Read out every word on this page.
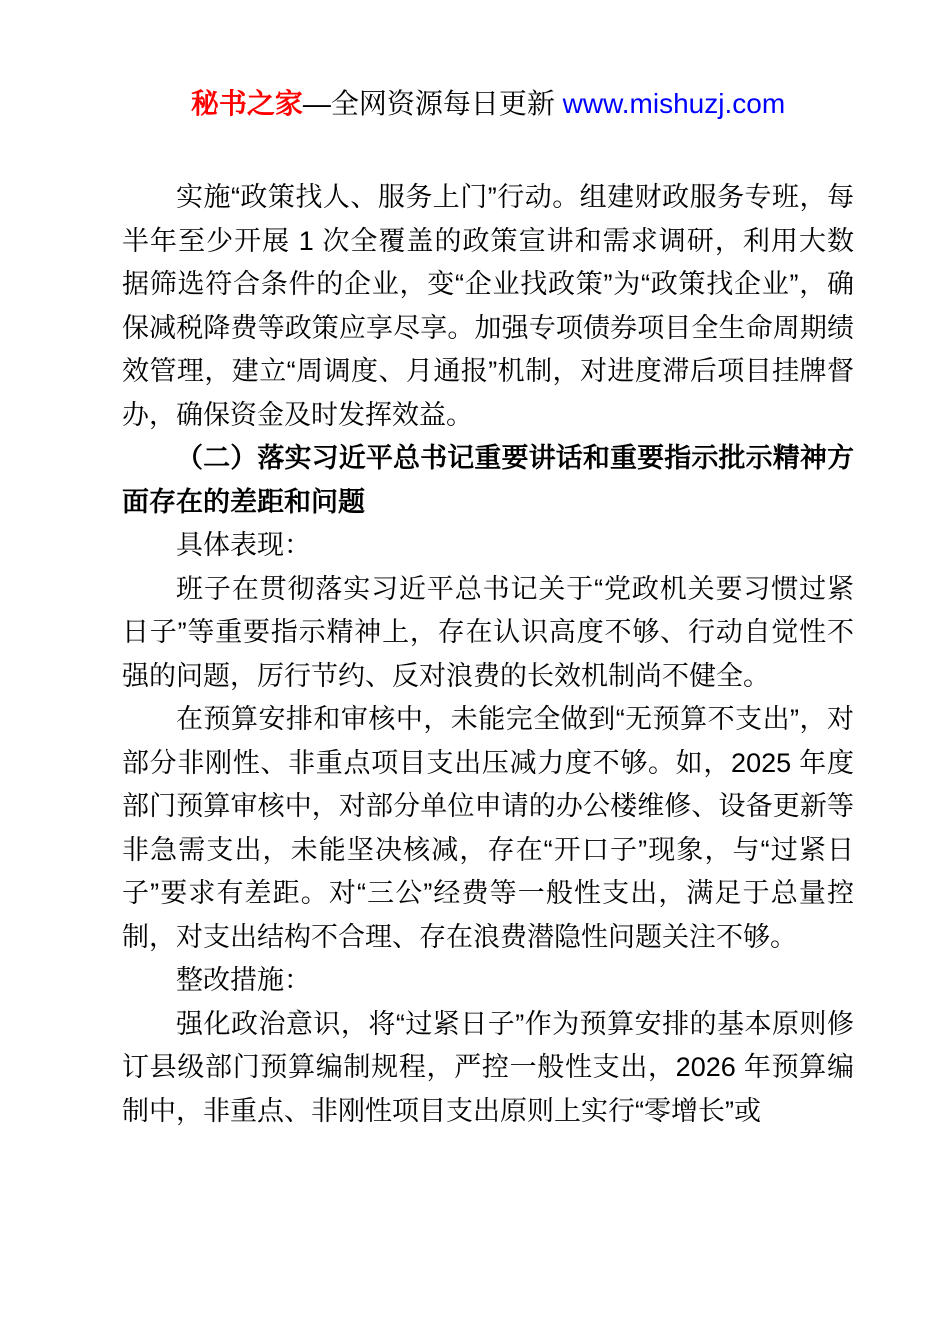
秘书之家—全网资源每日更新 www.mishuzj.com

实施“政策找人、服务上门”行动。组建财政服务专班，每半年至少开展 1 次全覆盖的政策宣讲和需求调研，利用大数据筛选符合条件的企业，变“企业找政策”为“政策找企业”，确保减税降费等政策应享尽享。加强专项债券项目全生命周期绩效管理，建立“周调度、月通报”机制，对进度滞后项目挂牌督办，确保资金及时发挥效益。

（二）落实习近平总书记重要讲话和重要指示批示精神方面存在的差距和问题

具体表现：

班子在贯彻落实习近平总书记关于“党政机关要习惯过紧日子”等重要指示精神上，存在认识高度不够、行动自觉性不强的问题，厉行节约、反对浪费的长效机制尚不健全。

在预算安排和审核中，未能完全做到“无预算不支出”，对部分非刚性、非重点项目支出压减力度不够。如，2025 年度部门预算审核中，对部分单位申请的办公楼维修、设备更新等非急需支出，未能坚决核减，存在“开口子”现象，与“过紧日子”要求有差距。对“三公”经费等一般性支出，满足于总量控制，对支出结构不合理、存在浪费潜隐性问题关注不够。

整改措施：

强化政治意识，将“过紧日子”作为预算安排的基本原则修订县级部门预算编制规程，严控一般性支出，2026 年预算编制中，非重点、非刚性项目支出原则上实行“零增长”或
